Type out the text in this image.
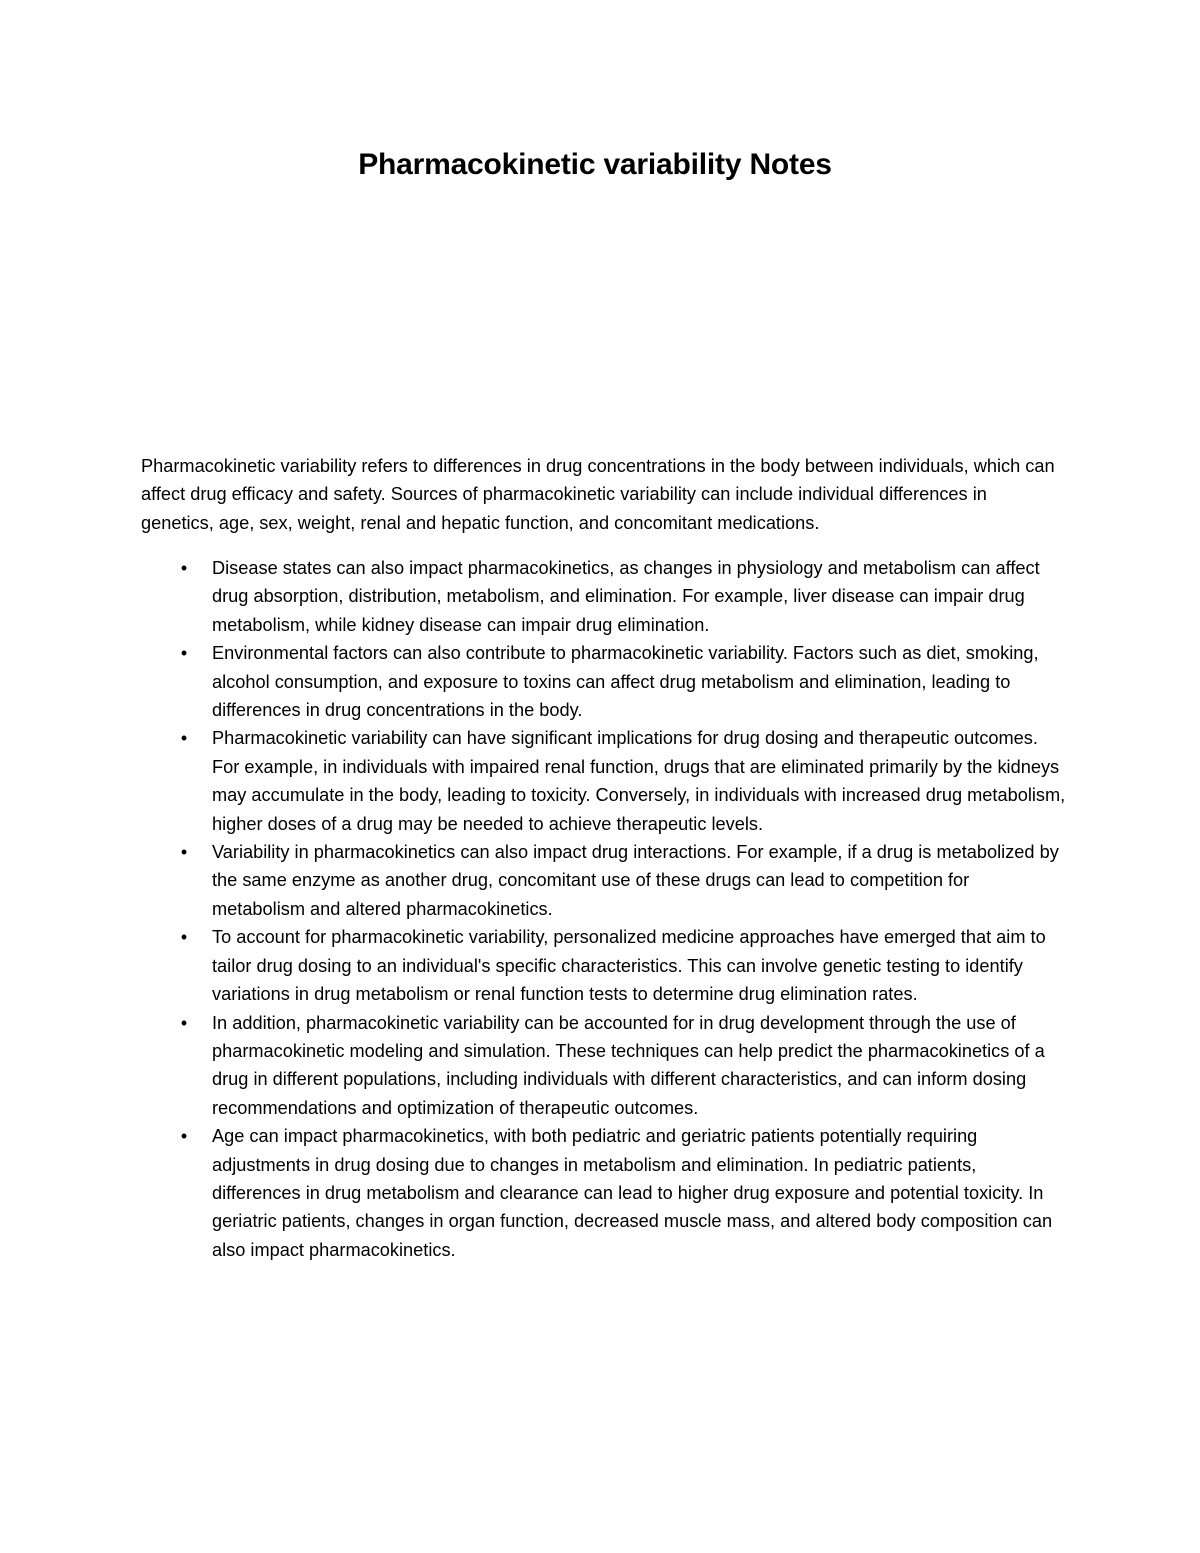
Pharmacokinetic variability Notes

Pharmacokinetic variability refers to differences in drug concentrations in the body between individuals, which can affect drug efficacy and safety. Sources of pharmacokinetic variability can include individual differences in genetics, age, sex, weight, renal and hepatic function, and concomitant medications.

•	Disease states can also impact pharmacokinetics, as changes in physiology and metabolism can affect drug absorption, distribution, metabolism, and elimination. For example, liver disease can impair drug metabolism, while kidney disease can impair drug elimination.
•	Environmental factors can also contribute to pharmacokinetic variability. Factors such as diet, smoking, alcohol consumption, and exposure to toxins can affect drug metabolism and elimination, leading to differences in drug concentrations in the body.
•	Pharmacokinetic variability can have significant implications for drug dosing and therapeutic outcomes. For example, in individuals with impaired renal function, drugs that are eliminated primarily by the kidneys may accumulate in the body, leading to toxicity. Conversely, in individuals with increased drug metabolism, higher doses of a drug may be needed to achieve therapeutic levels.
•	Variability in pharmacokinetics can also impact drug interactions. For example, if a drug is metabolized by the same enzyme as another drug, concomitant use of these drugs can lead to competition for metabolism and altered pharmacokinetics.
•	To account for pharmacokinetic variability, personalized medicine approaches have emerged that aim to tailor drug dosing to an individual's specific characteristics. This can involve genetic testing to identify variations in drug metabolism or renal function tests to determine drug elimination rates.
•	In addition, pharmacokinetic variability can be accounted for in drug development through the use of pharmacokinetic modeling and simulation. These techniques can help predict the pharmacokinetics of a drug in different populations, including individuals with different characteristics, and can inform dosing recommendations and optimization of therapeutic outcomes.
•	Age can impact pharmacokinetics, with both pediatric and geriatric patients potentially requiring adjustments in drug dosing due to changes in metabolism and elimination. In pediatric patients, differences in drug metabolism and clearance can lead to higher drug exposure and potential toxicity. In geriatric patients, changes in organ function, decreased muscle mass, and altered body composition can also impact pharmacokinetics.
